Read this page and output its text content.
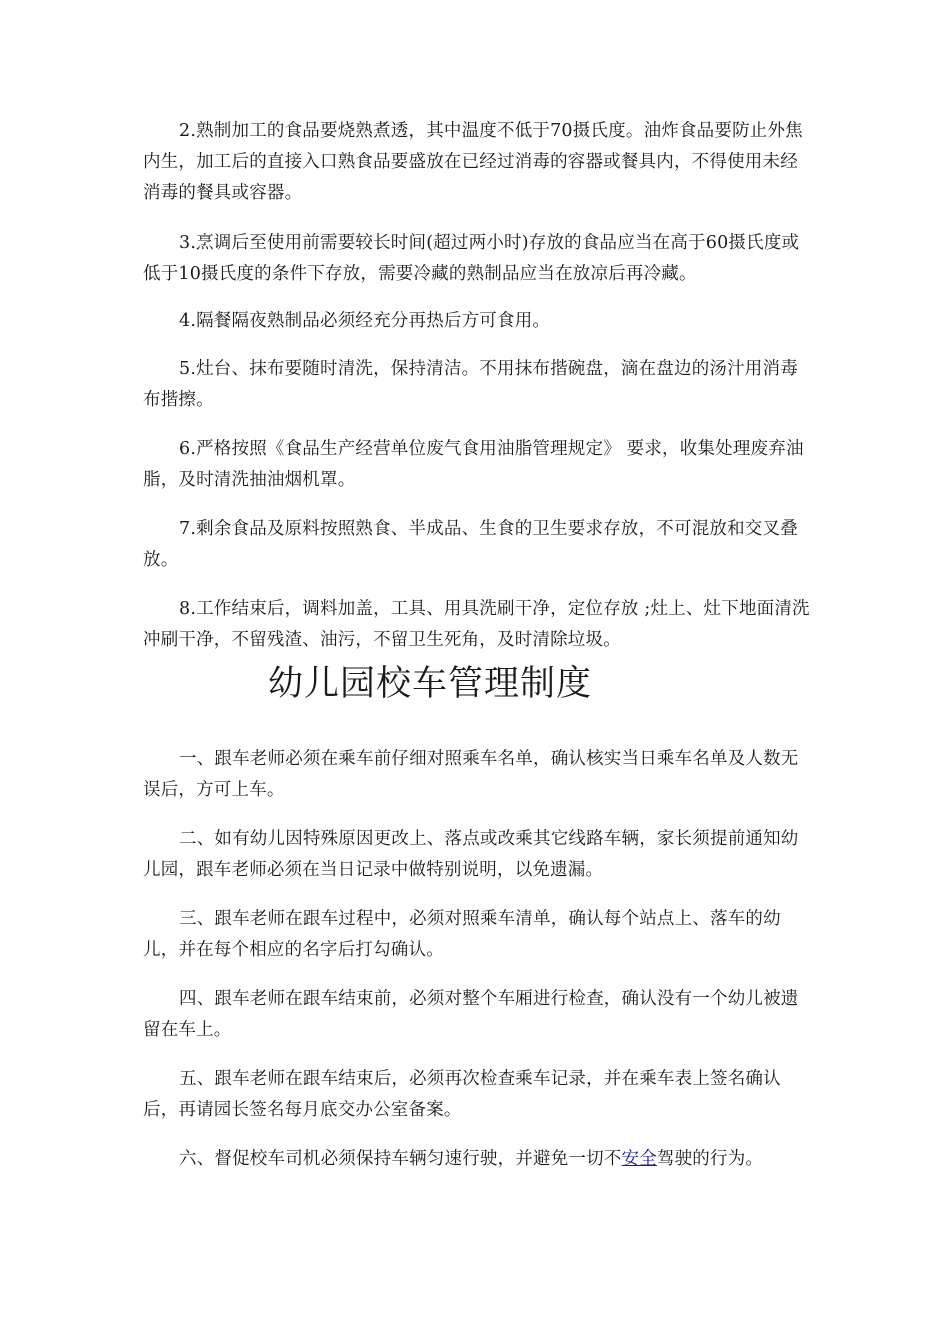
2.熟制加工的食品要烧熟煮透，其中温度不低于70摄氏度。油炸食品要防止外焦内生，加工后的直接入口熟食品要盛放在已经过消毒的容器或餐具内，不得使用未经消毒的餐具或容器。

3.烹调后至使用前需要较长时间(超过两小时)存放的食品应当在高于60摄氏度或低于10摄氏度的条件下存放，需要冷藏的熟制品应当在放凉后再冷藏。

4.隔餐隔夜熟制品必须经充分再热后方可食用。

5.灶台、抹布要随时清洗，保持清洁。不用抹布揩碗盘，滴在盘边的汤汁用消毒布揩擦。

6.严格按照《食品生产经营单位废气食用油脂管理规定》 要求，收集处理废弃油脂，及时清洗抽油烟机罩。

7.剩余食品及原料按照熟食、半成品、生食的卫生要求存放，不可混放和交叉叠放。

8.工作结束后，调料加盖，工具、用具洗刷干净，定位存放 ;灶上、灶下地面清洗冲刷干净，不留残渣、油污，不留卫生死角，及时清除垃圾。

幼儿园校车管理制度

一、跟车老师必须在乘车前仔细对照乘车名单，确认核实当日乘车名单及人数无误后，方可上车。

二、如有幼儿因特殊原因更改上、落点或改乘其它线路车辆，家长须提前通知幼儿园，跟车老师必须在当日记录中做特别说明，以免遗漏。

三、跟车老师在跟车过程中，必须对照乘车清单，确认每个站点上、落车的幼儿，并在每个相应的名字后打勾确认。

四、跟车老师在跟车结束前，必须对整个车厢进行检查，确认没有一个幼儿被遗留在车上。

五、跟车老师在跟车结束后，必须再次检查乘车记录，并在乘车表上签名确认后，再请园长签名每月底交办公室备案。

六、督促校车司机必须保持车辆匀速行驶，并避免一切不安全驾驶的行为。
